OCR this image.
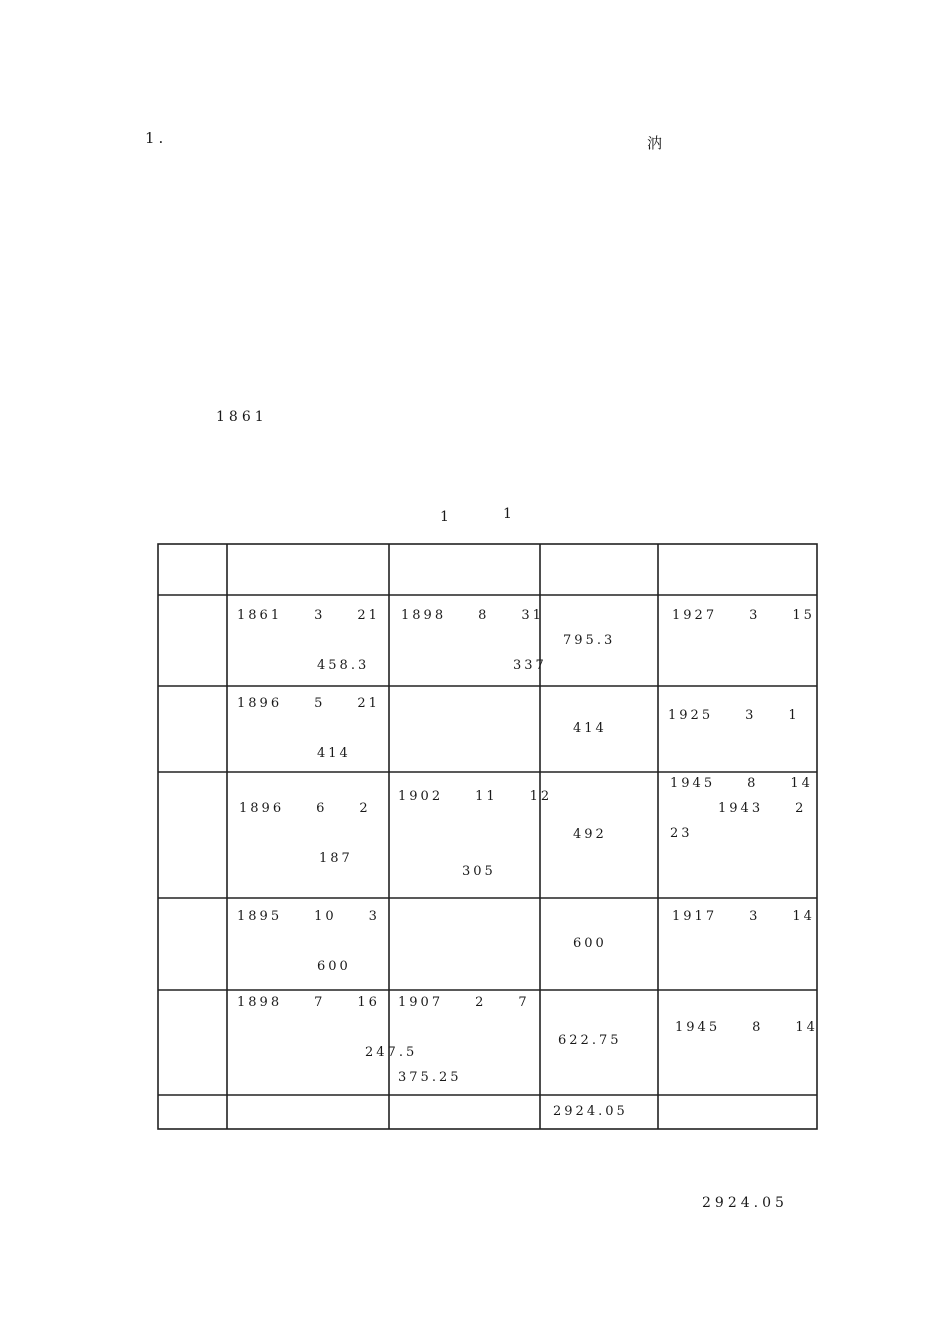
1. 　　　　　　　　　　　　　　　
　　　　　　　	汭

1861　　　　　　　　　　　　　　　　　　　　　　　　　

1　　 1

1861　　3　　21　

　　　　　458.3　
1898　　8　　31

　　　　　　　337　
795.3　
1927　　3　　15

1896　　5　　21　

　　　　　414　
414　
1925　　3　　1　　

1896　　6　　2　

　　　　　187　
1902　　11　　12

　　　　305　
492　
1945　　8　　14
　　　1943　　2　
23　　　　　　

1895　　10　　3　

　　　　　600　
600　
1917　　3　　14

1898　　7　　16　

　　　　　　　　247.5

1907　　2　　7　

375.25　
622.75　
1945　　8　　14

2924.05　

2924.05　
